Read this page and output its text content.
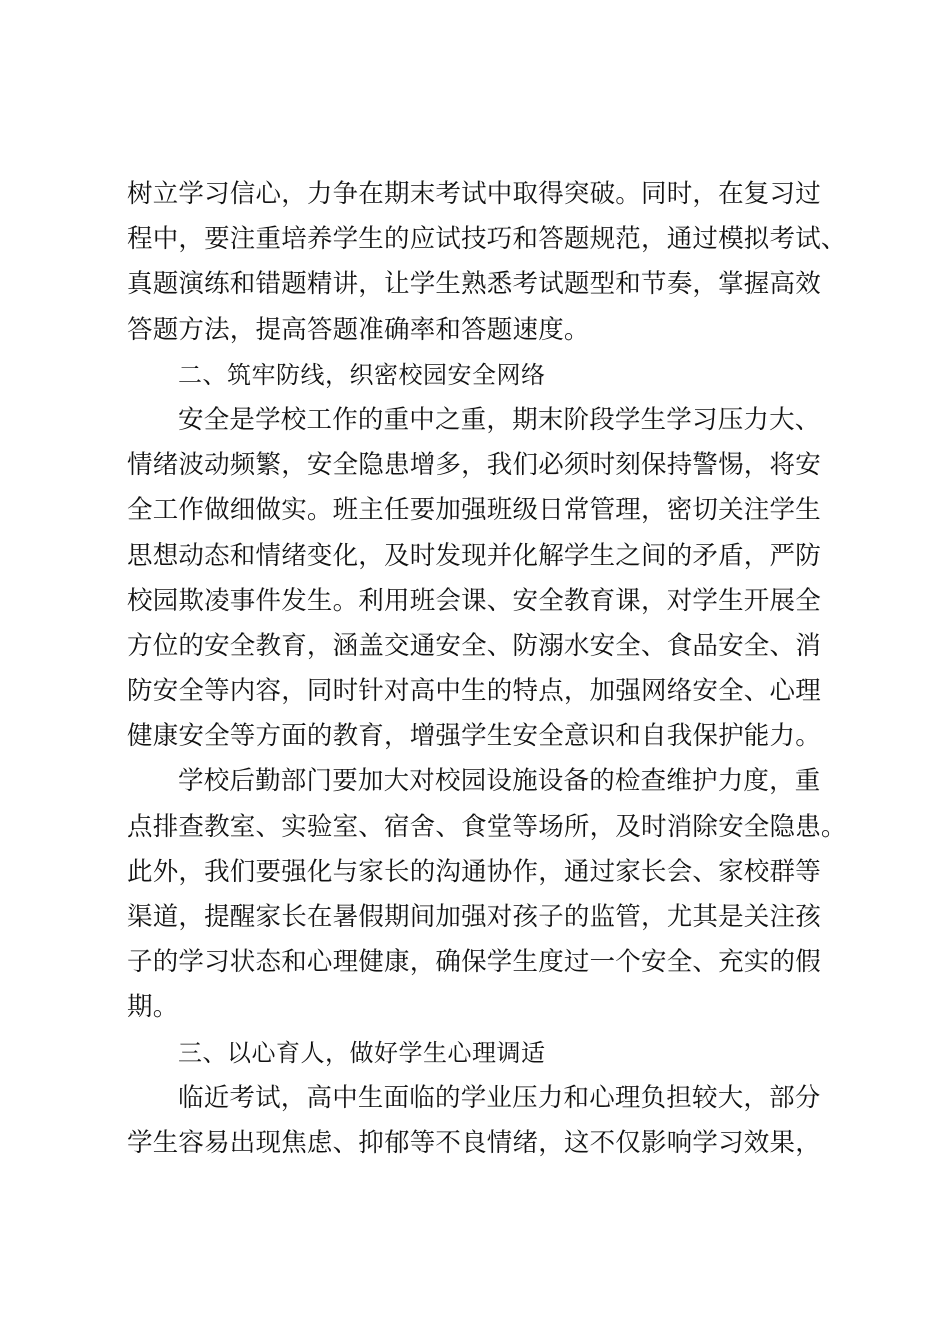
树立学习信心，力争在期末考试中取得突破。同时，在复习过
程中，要注重培养学生的应试技巧和答题规范，通过模拟考试、
真题演练和错题精讲，让学生熟悉考试题型和节奏，掌握高效
答题方法，提高答题准确率和答题速度。
二、筑牢防线，织密校园安全网络
安全是学校工作的重中之重，期末阶段学生学习压力大、
情绪波动频繁，安全隐患增多，我们必须时刻保持警惕，将安
全工作做细做实。班主任要加强班级日常管理，密切关注学生
思想动态和情绪变化，及时发现并化解学生之间的矛盾，严防
校园欺凌事件发生。利用班会课、安全教育课，对学生开展全
方位的安全教育，涵盖交通安全、防溺水安全、食品安全、消
防安全等内容，同时针对高中生的特点，加强网络安全、心理
健康安全等方面的教育，增强学生安全意识和自我保护能力。
学校后勤部门要加大对校园设施设备的检查维护力度，重
点排查教室、实验室、宿舍、食堂等场所，及时消除安全隐患。
此外，我们要强化与家长的沟通协作，通过家长会、家校群等
渠道，提醒家长在暑假期间加强对孩子的监管，尤其是关注孩
子的学习状态和心理健康，确保学生度过一个安全、充实的假
期。
三、以心育人，做好学生心理调适
临近考试，高中生面临的学业压力和心理负担较大，部分
学生容易出现焦虑、抑郁等不良情绪，这不仅影响学习效果，
